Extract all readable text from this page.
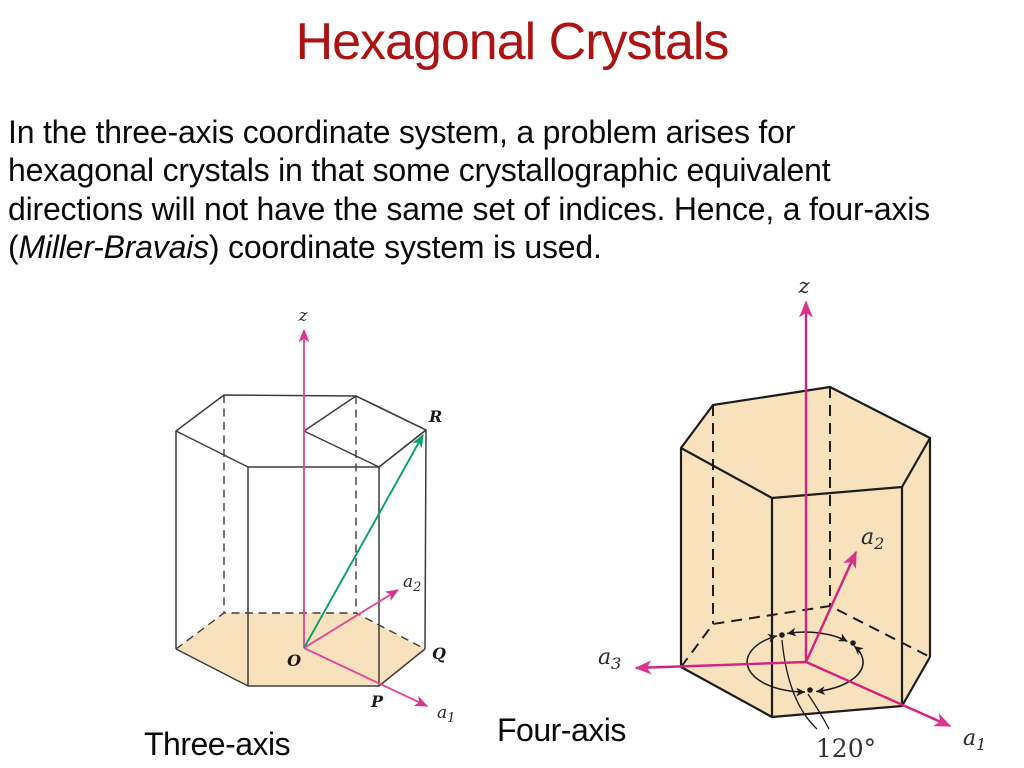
Hexagonal Crystals
In the three-axis coordinate system, a problem arises for
hexagonal crystals in that some crystallographic equivalent
directions will not have the same set of indices. Hence, a four-axis
(Miller-Bravais) coordinate system is used.
z
O
P
Q
R
$a_2$
$a_1$
z
$a_2$
$a_3$
$a_1$
120°
Three-axis	Four-axis
